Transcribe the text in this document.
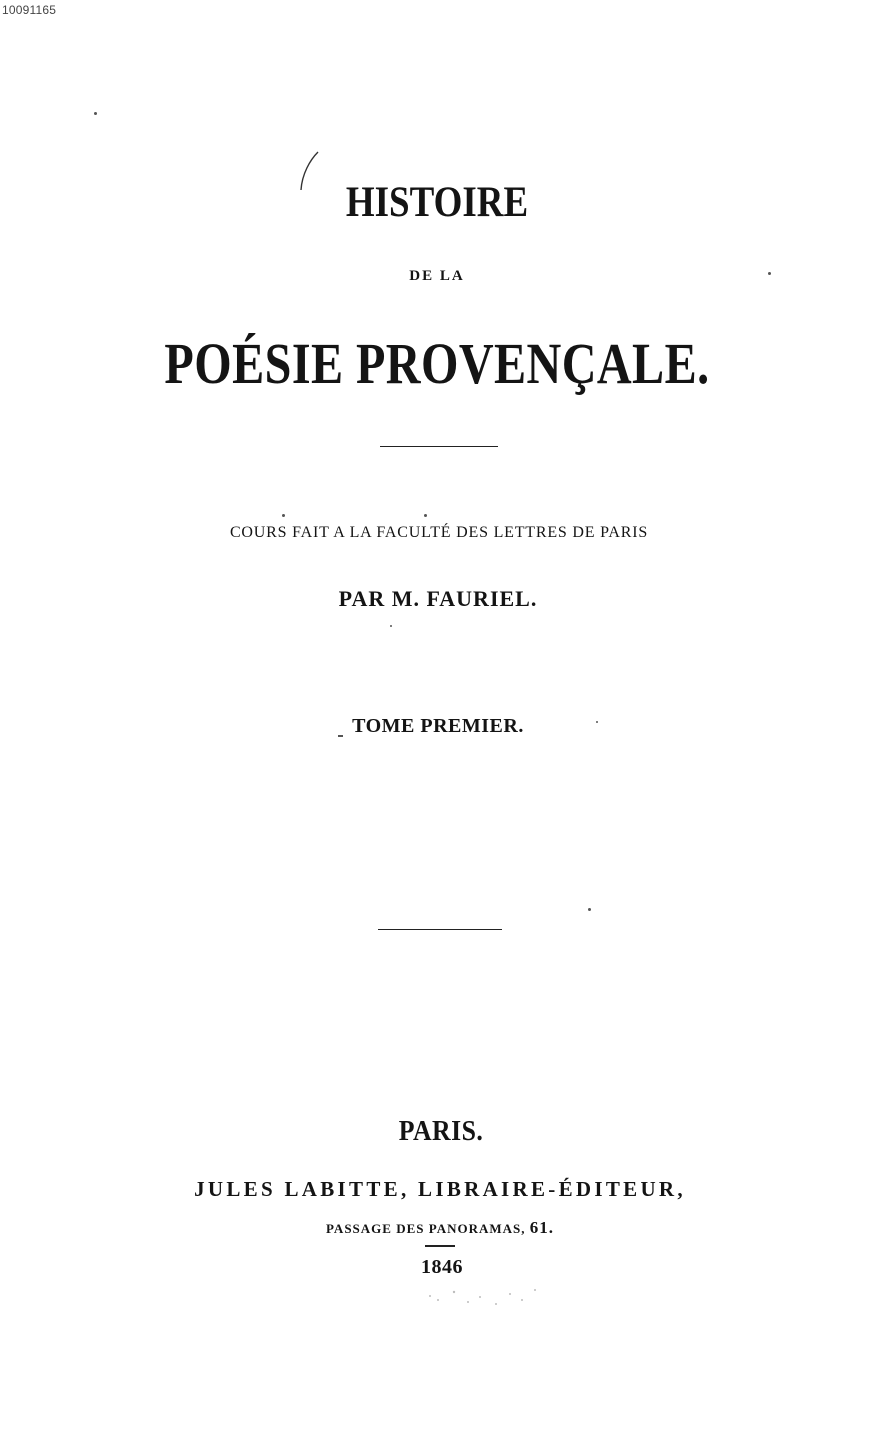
10091165
HISTOIRE
DE LA
POÉSIE PROVENÇALE.
COURS FAIT A LA FACULTÉ DES LETTRES DE PARIS
PAR M. FAURIEL.
TOME PREMIER.
PARIS.
JULES LABITTE, LIBRAIRE-ÉDITEUR,
PASSAGE DES PANORAMAS, 61.
1846
